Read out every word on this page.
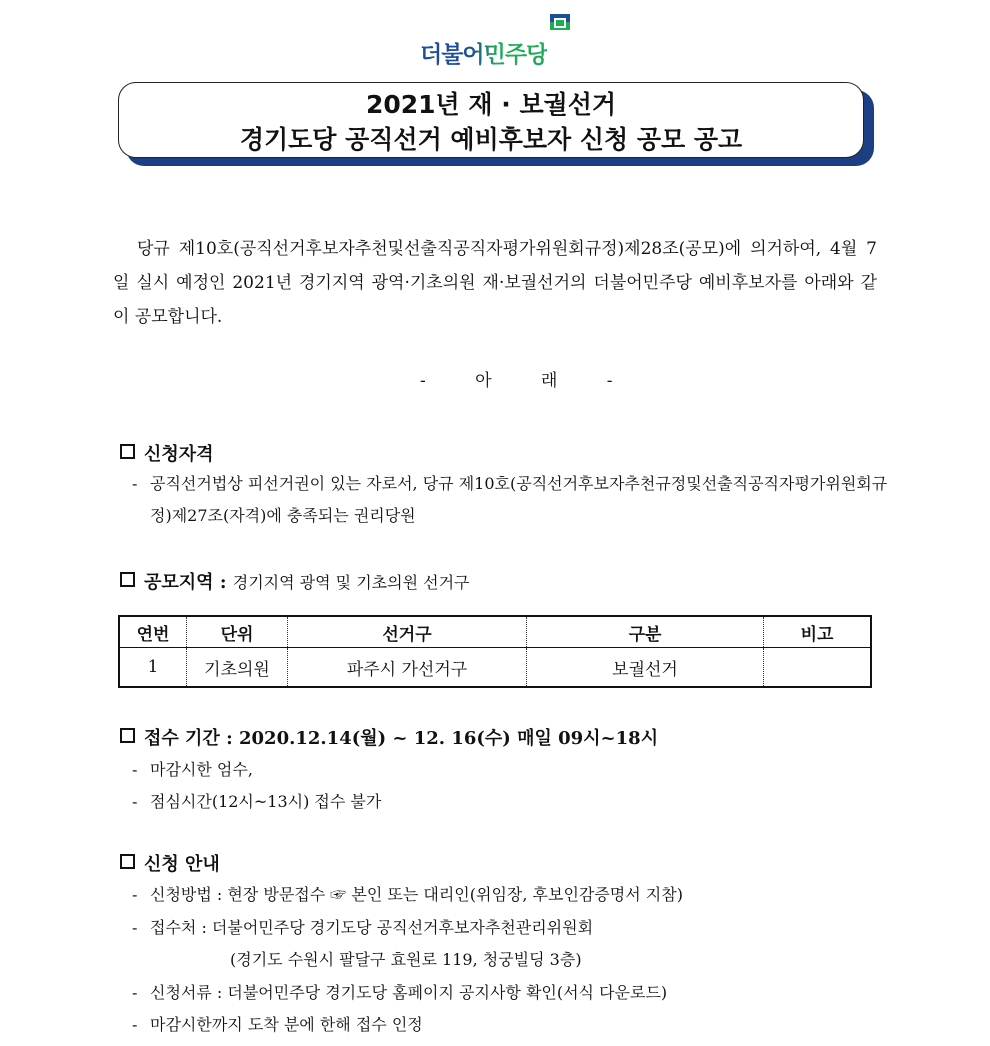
더불어민주당
2021년 재 · 보궐선거
경기도당 공직선거 예비후보자 신청 공모 공고
당규 제10호(공직선거후보자추천및선출직공직자평가위원회규정)제28조(공모)에 의거하여, 4월 7일 실시 예정인 2021년 경기지역 광역·기초의원 재·보궐선거의 더불어민주당 예비후보자를 아래와 같이 공모합니다.
- 아 래 -
신청자격
- 공직선거법상 피선거권이 있는 자로서, 당규 제10호(공직선거후보자추천규정및선출직공직자평가위원회규정)제27조(자격)에 충족되는 권리당원
공모지역 : 경기지역 광역 및 기초의원 선거구
연번	단위	선거구	구분	비고
1	기초의원	파주시 가선거구	보궐선거	
접수 기간 : 2020.12.14(월) ~ 12. 16(수) 매일 09시~18시
- 마감시한 엄수,
- 점심시간(12시~13시) 접수 불가
신청 안내
- 신청방법 : 현장 방문접수 ☞ 본인 또는 대리인(위임장, 후보인감증명서 지참)
- 접수처 : 더불어민주당 경기도당 공직선거후보자추천관리위원회
(경기도 수원시 팔달구 효원로 119, 청궁빌딩 3층)
- 신청서류 : 더불어민주당 경기도당 홈페이지 공지사항 확인(서식 다운로드)
- 마감시한까지 도착 분에 한해 접수 인정
